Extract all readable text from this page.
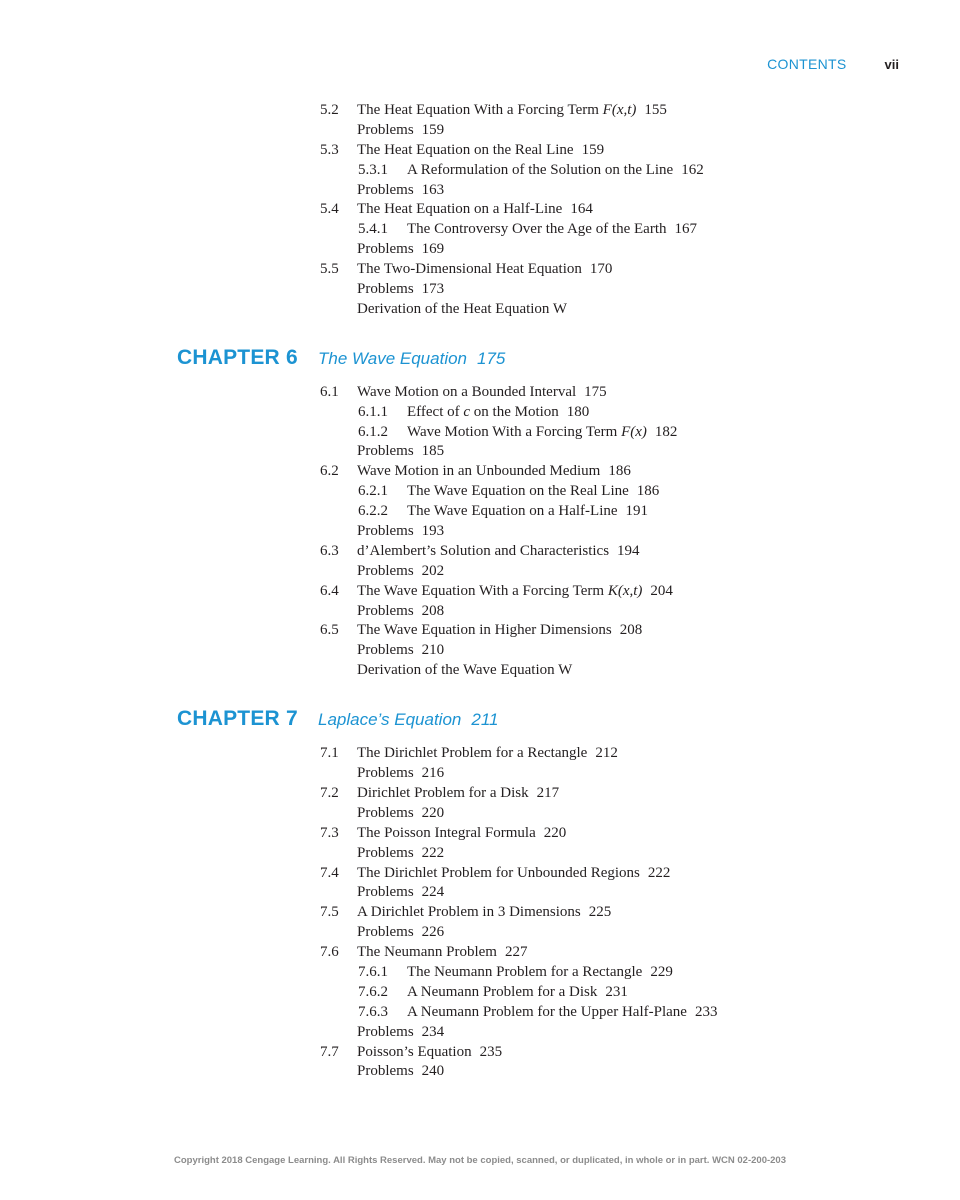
CONTENTS	vii
5.2 The Heat Equation With a Forcing Term F(x,t) 155
Problems 159
5.3 The Heat Equation on the Real Line 159
5.3.1 A Reformulation of the Solution on the Line 162
Problems 163
5.4 The Heat Equation on a Half-Line 164
5.4.1 The Controversy Over the Age of the Earth 167
Problems 169
5.5 The Two-Dimensional Heat Equation 170
Problems 173
Derivation of the Heat Equation W
CHAPTER 6 The Wave Equation 175
6.1 Wave Motion on a Bounded Interval 175
6.1.1 Effect of c on the Motion 180
6.1.2 Wave Motion With a Forcing Term F(x) 182
Problems 185
6.2 Wave Motion in an Unbounded Medium 186
6.2.1 The Wave Equation on the Real Line 186
6.2.2 The Wave Equation on a Half-Line 191
Problems 193
6.3 d’Alembert’s Solution and Characteristics 194
Problems 202
6.4 The Wave Equation With a Forcing Term K(x,t) 204
Problems 208
6.5 The Wave Equation in Higher Dimensions 208
Problems 210
Derivation of the Wave Equation W
CHAPTER 7 Laplace’s Equation 211
7.1 The Dirichlet Problem for a Rectangle 212
Problems 216
7.2 Dirichlet Problem for a Disk 217
Problems 220
7.3 The Poisson Integral Formula 220
Problems 222
7.4 The Dirichlet Problem for Unbounded Regions 222
Problems 224
7.5 A Dirichlet Problem in 3 Dimensions 225
Problems 226
7.6 The Neumann Problem 227
7.6.1 The Neumann Problem for a Rectangle 229
7.6.2 A Neumann Problem for a Disk 231
7.6.3 A Neumann Problem for the Upper Half-Plane 233
Problems 234
7.7 Poisson’s Equation 235
Problems 240
Copyright 2018 Cengage Learning. All Rights Reserved. May not be copied, scanned, or duplicated, in whole or in part. WCN 02-200-203
